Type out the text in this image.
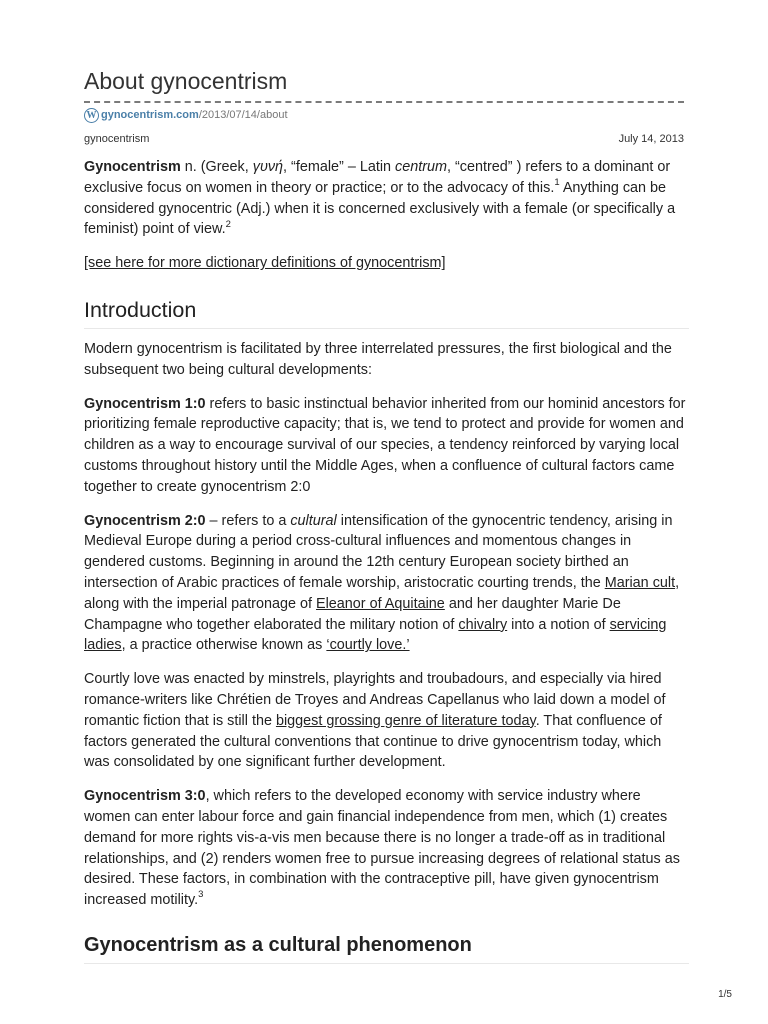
About gynocentrism
W gynocentrism.com /2013/07/14/about
gynocentrism	July 14, 2013

Gynocentrism n. (Greek, γυνή, “female” – Latin centrum, “centred” ) refers to a dominant or exclusive focus on women in theory or practice; or to the advocacy of this.$^1$ Anything can be considered gynocentric (Adj.) when it is concerned exclusively with a female (or specifically a feminist) point of view.$^2$

[see here for more dictionary definitions of gynocentrism]

Introduction

Modern gynocentrism is facilitated by three interrelated pressures, the first biological and the subsequent two being cultural developments:

Gynocentrism 1:0 refers to basic instinctual behavior inherited from our hominid ancestors for prioritizing female reproductive capacity; that is, we tend to protect and provide for women and children as a way to encourage survival of our species, a tendency reinforced by varying local customs throughout history until the Middle Ages, when a confluence of cultural factors came together to create gynocentrism 2:0

Gynocentrism 2:0 – refers to a cultural intensification of the gynocentric tendency, arising in Medieval Europe during a period cross-cultural influences and momentous changes in gendered customs. Beginning in around the 12th century European society birthed an intersection of Arabic practices of female worship, aristocratic courting trends, the Marian cult, along with the imperial patronage of Eleanor of Aquitaine and her daughter Marie De Champagne who together elaborated the military notion of chivalry into a notion of servicing ladies, a practice otherwise known as ‘courtly love.’

Courtly love was enacted by minstrels, playrights and troubadours, and especially via hired romance-writers like Chrétien de Troyes and Andreas Capellanus who laid down a model of romantic fiction that is still the biggest grossing genre of literature today. That confluence of factors generated the cultural conventions that continue to drive gynocentrism today, which was consolidated by one significant further development.

Gynocentrism 3:0, which refers to the developed economy with service industry where women can enter labour force and gain financial independence from men, which (1) creates demand for more rights vis-a-vis men because there is no longer a trade-off as in traditional relationships, and (2) renders women free to pursue increasing degrees of relational status as desired. These factors, in combination with the contraceptive pill, have given gynocentrism increased motility.$^3$

Gynocentrism as a cultural phenomenon
1/5
